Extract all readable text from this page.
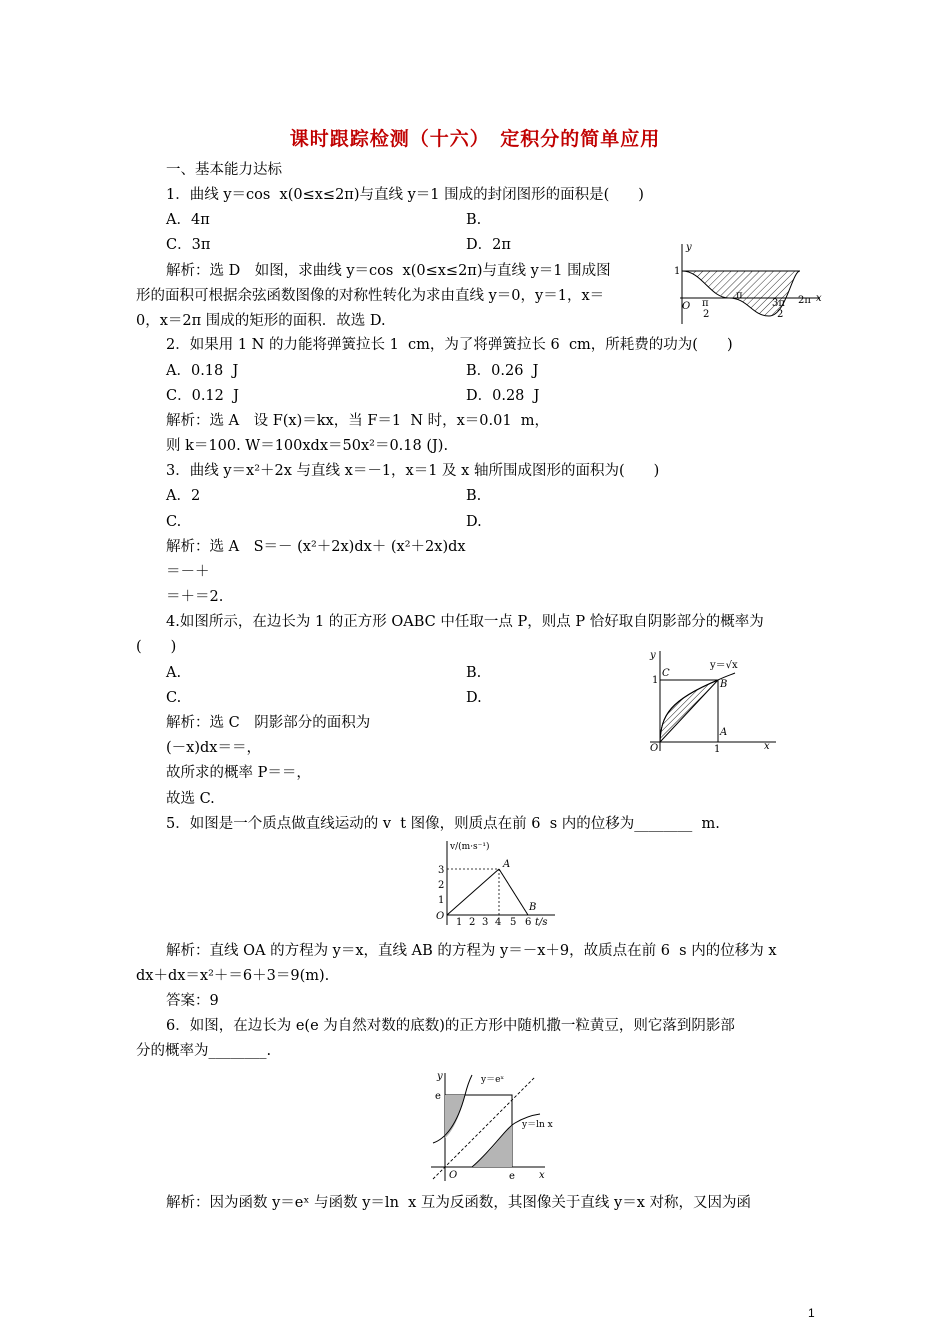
课时跟踪检测（十六）　定积分的简单应用
一、基本能力达标
1．曲线 y＝cos  x(0≤x≤2π)与直线 y＝1 围成的封闭图形的面积是(　　)
A．4π	B.
C．3π	D．2π
解析：选 D　如图，求曲线 y＝cos  x(0≤x≤2π)与直线 y＝1 围成图
形的面积可根据余弦函数图像的对称性转化为求由直线 y＝0，y＝1，x＝
0，x＝2π 围成的矩形的面积．故选 D.
y
1
O π
2
π
3π
2
2π x
2．如果用 1 N 的力能将弹簧拉长 1  cm，为了将弹簧拉长 6  cm，所耗费的功为(　　)
A．0.18  J	B．0.26  J
C．0.12  J	D．0.28  J
解析：选 A　设 F(x)＝kx，当 F＝1  N 时，x＝0.01  m，
则 k＝100. W＝100xdx＝50x²＝0.18 (J).
3．曲线 y＝x²＋2x 与直线 x＝－1，x＝1 及 x 轴所围成图形的面积为(　　)
A．2	B.
C.	D.
解析：选 A　S＝－ (x²＋2x)dx＋ (x²＋2x)dx
＝－＋
＝＋＝2.
4.如图所示，在边长为 1 的正方形 OABC 中任取一点 P，则点 P 恰好取自阴影部分的概率为
(　　)
A.	B.
C.	D.
解析：选 C　阴影部分的面积为
(－x)dx＝＝，
故所求的概率 P＝＝，
故选 C.
y
C
1
y＝√x
B
A
O	1	x
5．如图是一个质点做直线运动的 v  t 图像，则质点在前 6  s 内的位移为________  m.
v/(m·s⁻¹)
3
2
1
A
B
O
1 2 3 4 5 6 t/s
解析：直线 OA 的方程为 y＝x，直线 AB 的方程为 y＝－x＋9，故质点在前 6  s 内的位移为 x
dx＋dx＝x²＋＝6＋3＝9(m).
答案：9
6．如图，在边长为 e(e 为自然对数的底数)的正方形中随机撒一粒黄豆，则它落到阴影部
分的概率为________.
y	y＝eˣ
e
y＝ln x
O	e x
解析：因为函数 y＝eˣ 与函数 y＝ln  x 互为反函数，其图像关于直线 y＝x 对称，又因为函
1
